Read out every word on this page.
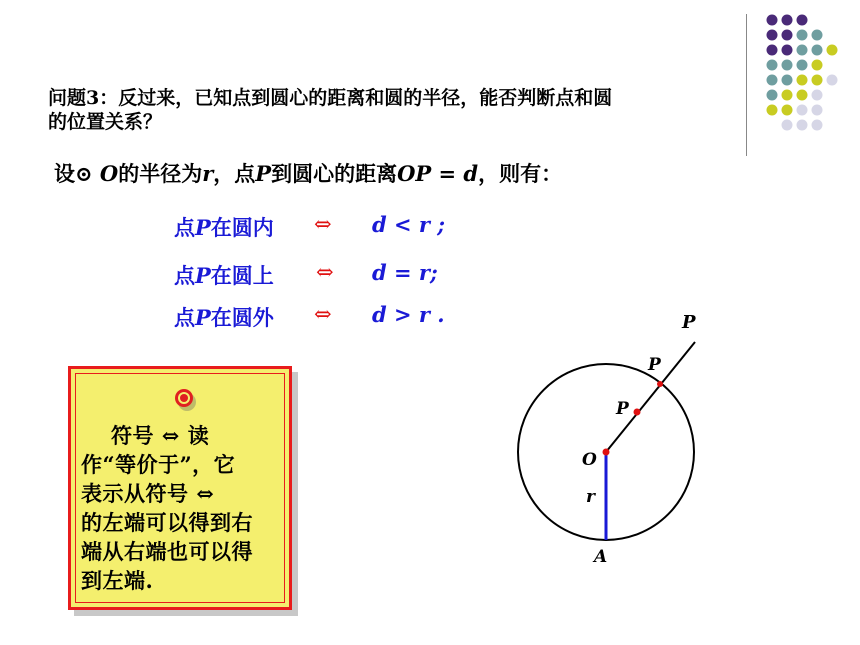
问题3：反过来，已知点到圆心的距离和圆的半径，能否判断点和圆
的位置关系？
设⊙ O的半径为r，点P到圆心的距离OP = d，则有：
点P在圆内 ⇔ d < r ;
点P在圆上 ⇔ d = r;
点P在圆外 ⇔ d > r .
符号 ⇔ 读
作“等价于”，它
表示从符号 ⇔
的左端可以得到右
端从右端也可以得
到左端.
P
P
P
O
r
A
